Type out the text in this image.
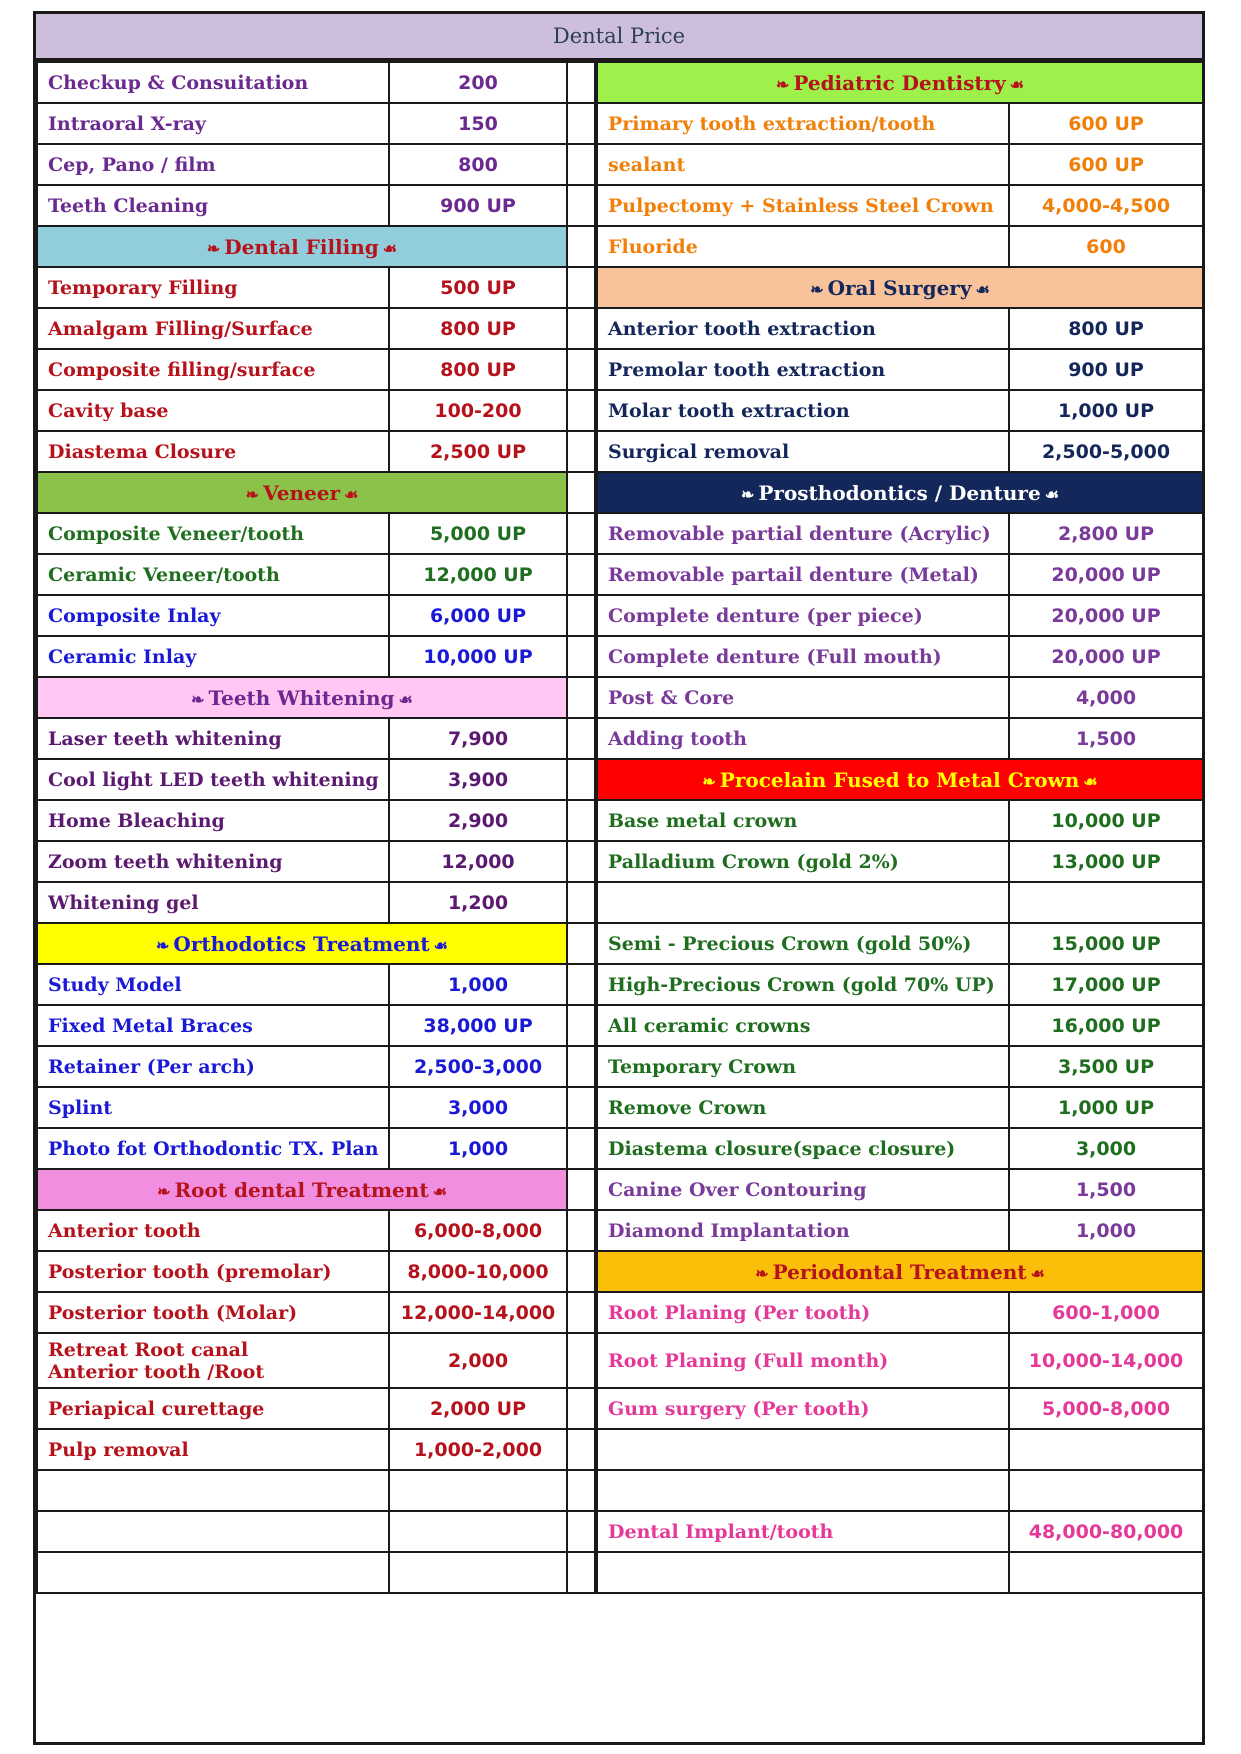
Dental Price
Checkup & Consuitation	200
Intraoral X-ray	150
Cep, Pano / film	800
Teeth Cleaning	900 UP
❧ Dental Filling ☙	
Temporary Filling	500 UP
Amalgam Filling/Surface	800 UP
Composite filling/surface	800 UP
Cavity base	100-200
Diastema Closure	2,500 UP
❧ Veneer ☙	
Composite Veneer/tooth	5,000 UP
Ceramic Veneer/tooth	12,000 UP
Composite Inlay	6,000 UP
Ceramic Inlay	10,000 UP
❧ Teeth Whitening ☙	
Laser teeth whitening	7,900
Cool light LED teeth whitening	3,900
Home Bleaching	2,900
Zoom teeth whitening	12,000
Whitening gel	1,200
❧ Orthodotics Treatment ☙	
Study Model	1,000
Fixed Metal Braces	38,000 UP
Retainer (Per arch)	2,500-3,000
Splint	3,000
Photo fot Orthodontic TX. Plan	1,000
❧ Root dental Treatment ☙	
Anterior tooth	6,000-8,000
Posterior tooth (premolar)	8,000-10,000
Posterior tooth (Molar)	12,000-14,000

Retreat Root canal
Anterior tooth /Root	2,000
Periapical curettage	2,000 UP
Pulp removal	1,000-2,000

❧ Pediatric Dentistry ☙	
Primary tooth extraction/tooth	600 UP
sealant	600 UP
Pulpectomy + Stainless Steel Crown	4,000-4,500
Fluoride	600
❧ Oral Surgery ☙	
Anterior tooth extraction	800 UP
Premolar tooth extraction	900 UP
Molar tooth extraction	1,000 UP
Surgical removal	2,500-5,000
❧ Prosthodontics / Denture ☙	
Removable partial denture (Acrylic)	2,800 UP
Removable partail denture (Metal)	20,000 UP
Complete denture (per piece)	20,000 UP
Complete denture (Full mouth)	20,000 UP
Post & Core	4,000
Adding tooth	1,500
❧ Procelain Fused to Metal Crown ☙	
Base metal crown	10,000 UP
Palladium Crown (gold 2%)	13,000 UP

Semi - Precious Crown (gold 50%)	15,000 UP
High-Precious Crown (gold 70% UP)	17,000 UP
All ceramic crowns	16,000 UP
Temporary Crown	3,500 UP
Remove Crown	1,000 UP
Diastema closure(space closure)	3,000
Canine Over Contouring	1,500
Diamond Implantation	1,000
❧ Periodontal Treatment ☙	
Root Planing (Per tooth)	600-1,000
Root Planing (Full month)	10,000-14,000
Gum surgery (Per tooth)	5,000-8,000

Dental Implant/tooth	48,000-80,000
